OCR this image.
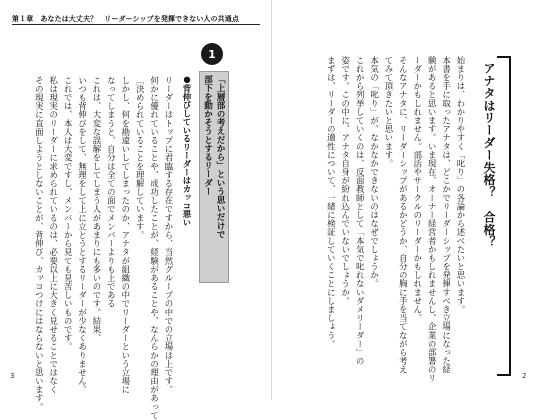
第１章　あなたは大丈夫？　リーダーシップを発揮できない人の共通点
1
「上層部の考えだから」という思いだけで
部下を動かそうとするリーダー
●背伸びしているリーダーはカッコ悪い

リーダーはトップに君臨する存在ですから、当然グループの中での立場は上です。

何かに優れていることや、成功したことが、経験があることや、なんらかの理由があって

〔決められていることを理解しています。

しかし、何を勘違いしてしまったのか、アナタが組織の中でリーダーという立場に

なってしまうと、自分は全ての面でメンバーよりも上である

これは、大変な誤解をしてしまう人があまりにも多いのです。結果、

いつも背伸びをして、無理をして上に立とうとするリーダーが少なくありません。

これでは、本人は大変ですし、メンバーから見ても見苦しいものです。

私は現実のリーダーに求められているのは、必要以上に大きく見せることではなく

その現実に直面しようとしないことが、背伸び、カッコつけにはならないと思います。

3
アナタはリーダー失格？　合格？

始まりは、わかりやすく「叱り」の各論から述べたいと思います。

本書を手に取ったアナタは、どこかでリーダーシップを発揮すべき立場になった経

験があると思います。いま現在、オーナー経営者かもしれませんし、企業の部署のリ

ーダーかもしれません。部活やサークルのリーダーかもしれません。

そんなアナタに、リーダーシップがあるかどうか、自分の胸に手を当てながら考え

てみて頂きたいと思います。

本気の「叱り」が、なかなかできないのはなぜでしょうか。

これから列挙していくのは、反面教師として「本気で叱れないダメリーダー」の

姿です。この中に、アナタ自身が紛れ込んでいないでしょうか。

まずは、リーダーの適性について、一緒に検証していくことにしましょう。

2
